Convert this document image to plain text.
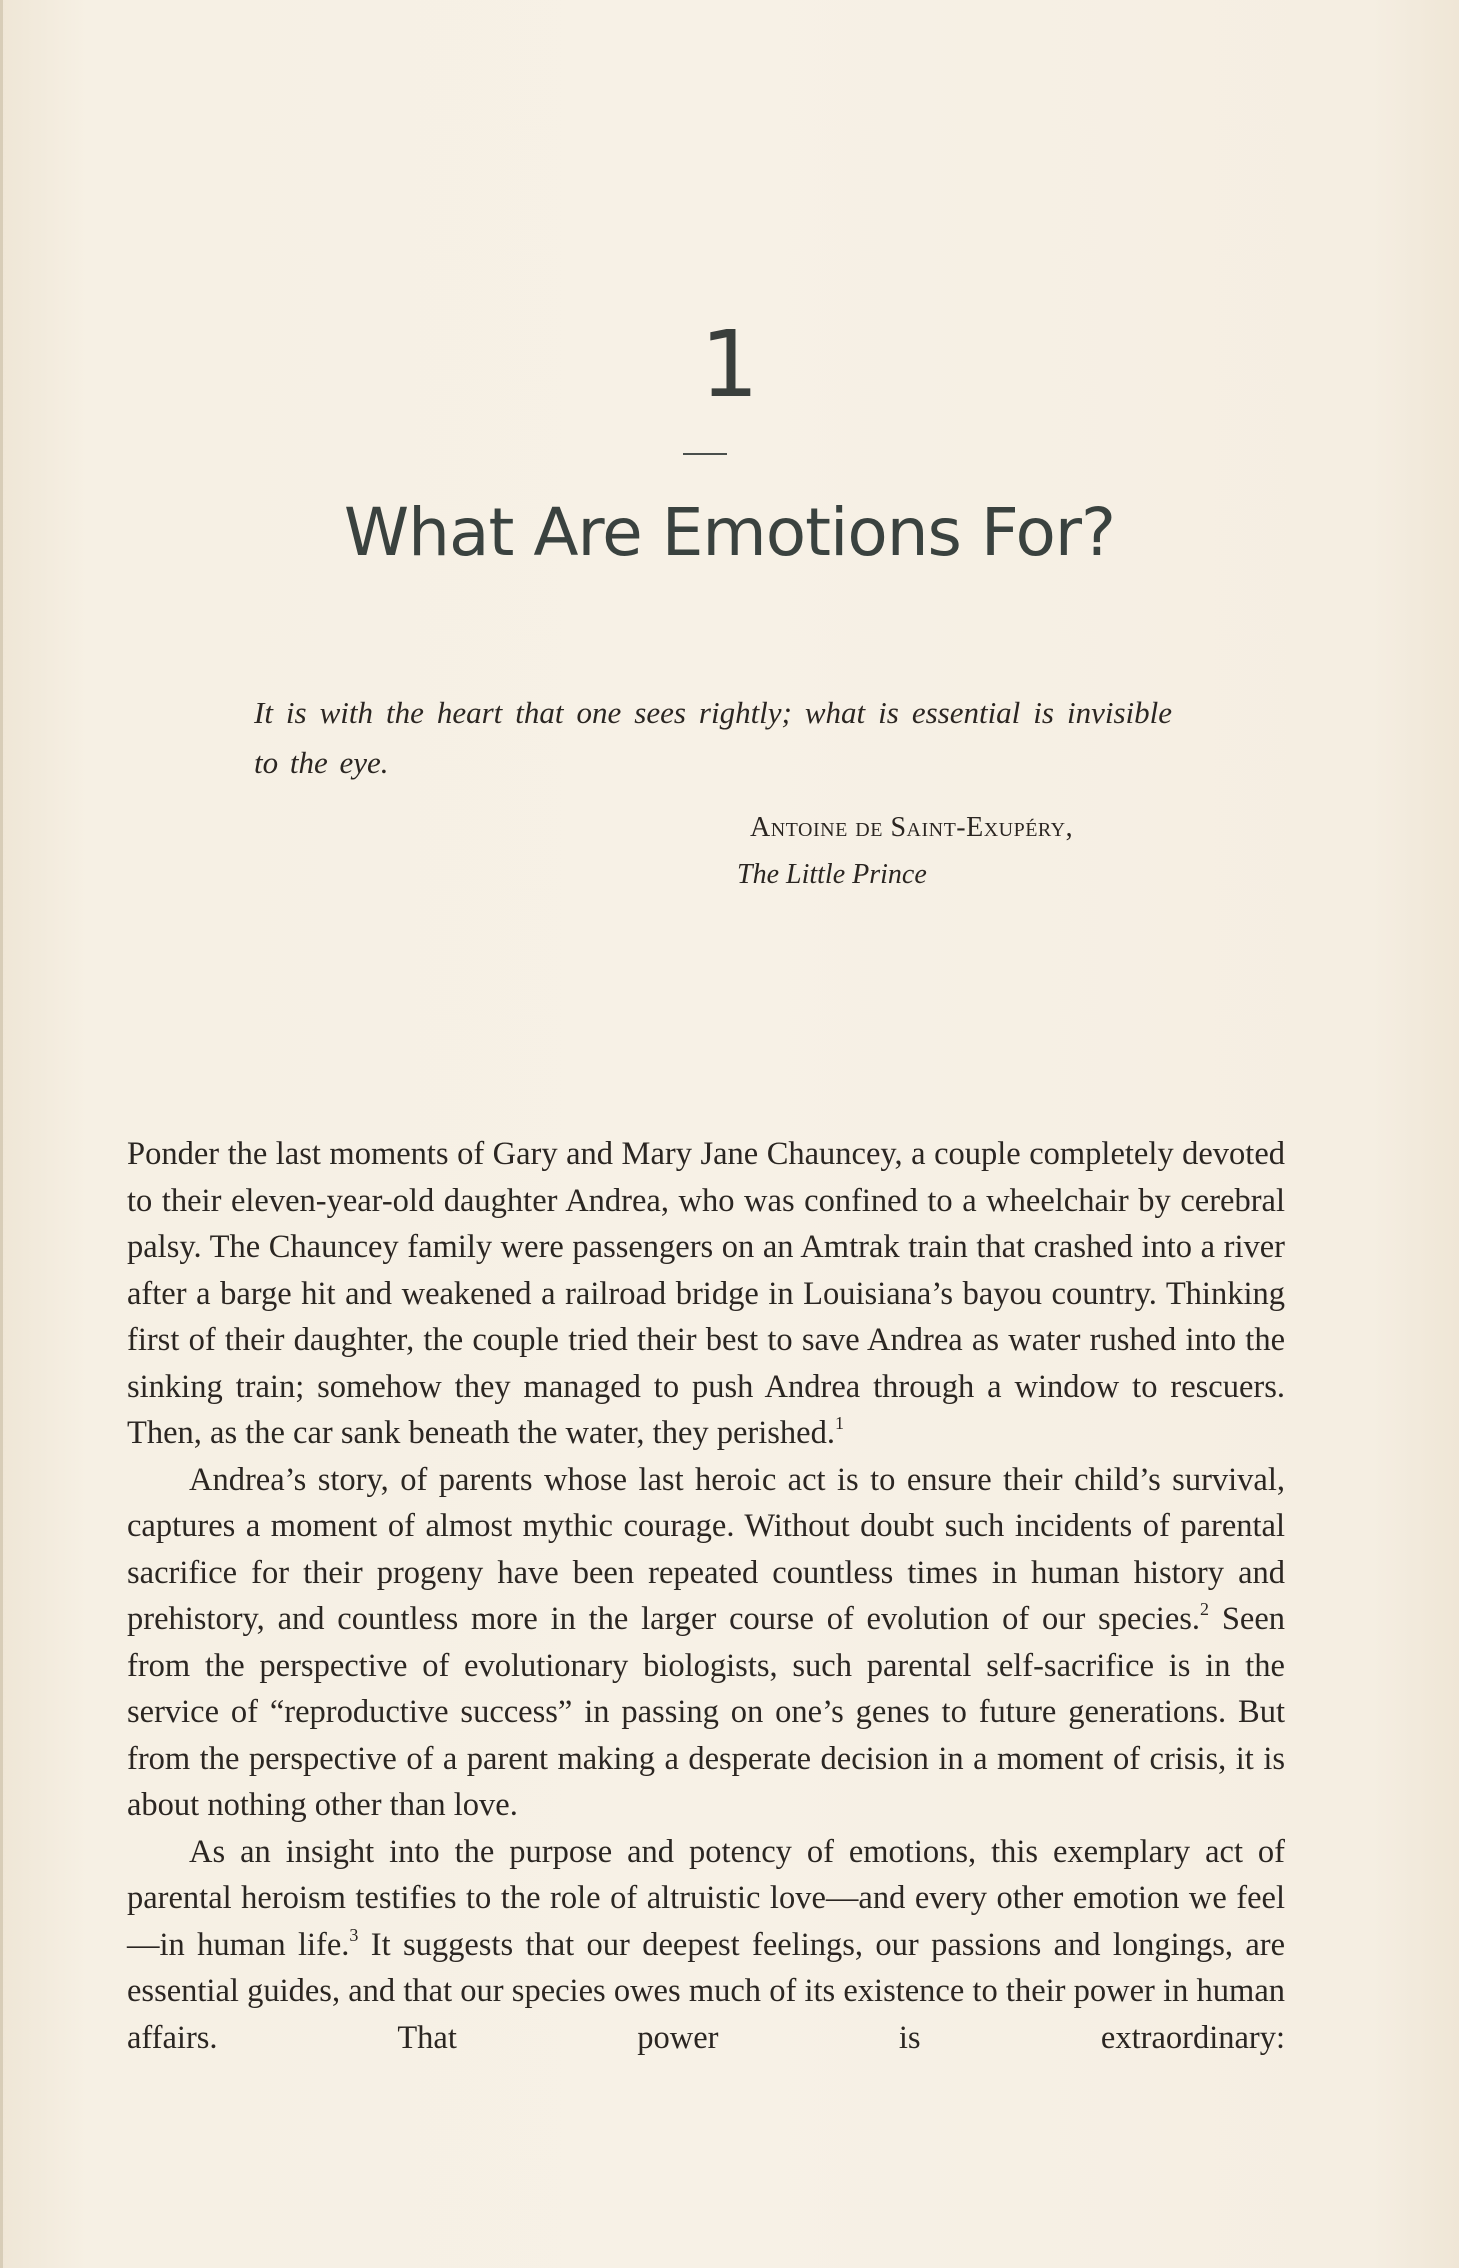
1
What Are Emotions For?
It is with the heart that one sees rightly; what is essential is invisible to the eye.
Antoine de Saint-Exupéry,
The Little Prince

Ponder the last moments of Gary and Mary Jane Chauncey, a couple completely devoted to their eleven-year-old daughter Andrea, who was confined to a wheelchair by cerebral palsy. The Chauncey family were passengers on an Amtrak train that crashed into a river after a barge hit and weakened a railroad bridge in Louisiana’s bayou country. Thinking first of their daughter, the couple tried their best to save Andrea as water rushed into the sinking train; somehow they managed to push Andrea through a window to rescuers. Then, as the car sank beneath the water, they perished.$^1$

Andrea’s story, of parents whose last heroic act is to ensure their child’s survival, captures a moment of almost mythic courage. Without doubt such incidents of parental sacrifice for their progeny have been repeated countless times in human history and prehistory, and countless more in the larger course of evolution of our species.$^2$ Seen from the perspective of evolutionary biologists, such parental self-sacrifice is in the service of “reproductive success” in passing on one’s genes to future generations. But from the perspective of a parent making a desperate decision in a moment of crisis, it is about nothing other than love.

As an insight into the purpose and potency of emotions, this exemplary act of parental heroism testifies to the role of altruistic love—and every other emotion we feel—in human life.$^3$ It suggests that our deepest feelings, our passions and longings, are essential guides, and that our species owes much of its existence to their power in human affairs. That power is extraordinary:
